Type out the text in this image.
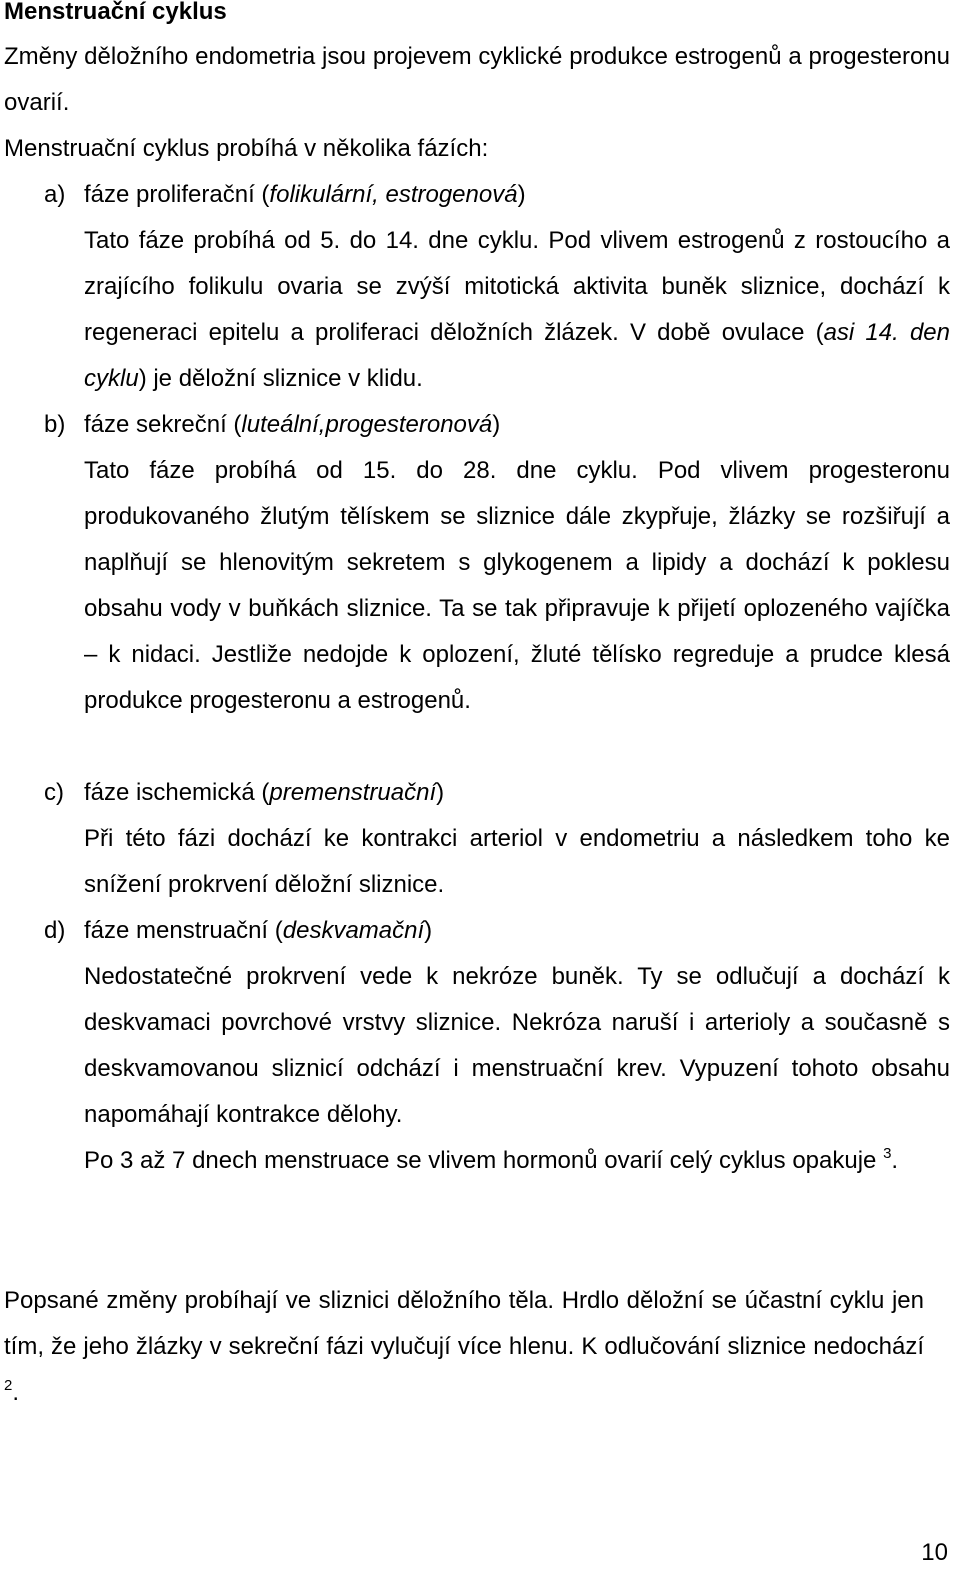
Menstruační cyklus

Změny děložního endometria jsou projevem cyklické produkce estrogenů a progesteronu ovarií.

Menstruační cyklus probíhá v několika fázích:

a) fáze proliferační (folikulární, estrogenová)

Tato fáze probíhá od 5. do 14. dne cyklu. Pod vlivem estrogenů z rostoucího a zrajícího folikulu ovaria se zvýší mitotická aktivita buněk sliznice, dochází k regeneraci epitelu a proliferaci děložních žlázek. V době ovulace (asi 14. den cyklu) je děložní sliznice v klidu.

b) fáze sekreční (luteální,progesteronová)

Tato fáze probíhá od 15. do 28. dne cyklu. Pod vlivem progesteronu produkovaného žlutým tělískem se sliznice dále zkypřuje, žlázky se rozšiřují a naplňují se hlenovitým sekretem s glykogenem a lipidy a dochází k poklesu obsahu vody v buňkách sliznice. Ta se tak připravuje k přijetí oplozeného vajíčka – k nidaci. Jestliže nedojde k oplození, žluté tělísko regreduje a prudce klesá produkce progesteronu a estrogenů.

c) fáze ischemická (premenstruační)

Při této fázi dochází ke kontrakci arteriol v endometriu a následkem toho ke snížení prokrvení děložní sliznice.

d) fáze menstruační (deskvamační)

Nedostatečné prokrvení vede k nekróze buněk. Ty se odlučují a dochází k deskvamaci povrchové vrstvy sliznice. Nekróza naruší i arterioly a současně s deskvamovanou sliznicí odchází i menstruační krev. Vypuzení tohoto obsahu napomáhají kontrakce dělohy.

Po 3 až 7 dnech menstruace se vlivem hormonů ovarií celý cyklus opakuje $^3$.

Popsané změny probíhají ve sliznici děložního těla. Hrdlo děložní se účastní cyklu jen tím, že jeho žlázky v sekreční fázi vylučují více hlenu. K odlučování sliznice nedochází $^2$.

10
